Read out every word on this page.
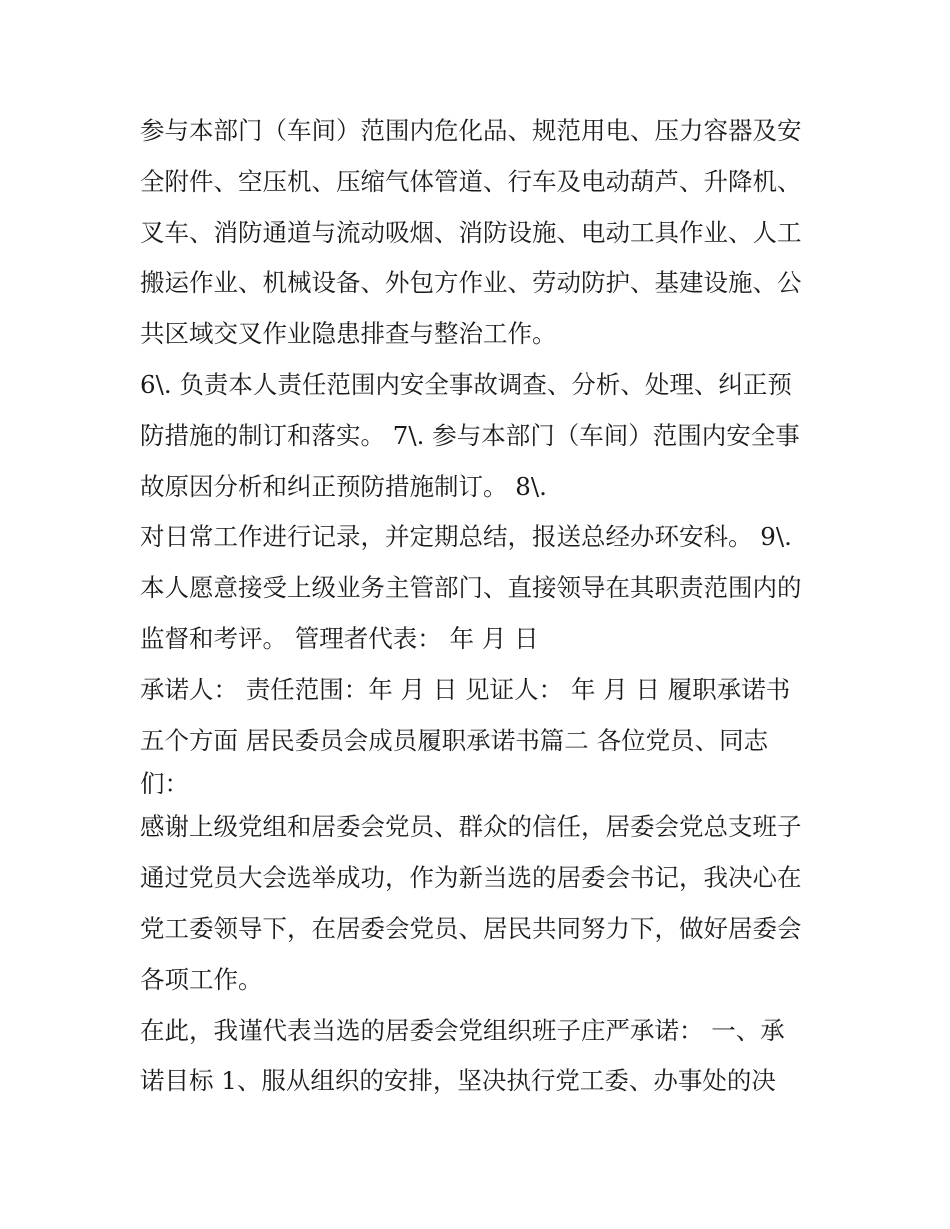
参与本部门（车间）范围内危化品、规范用电、压力容器及安
全附件、空压机、压缩气体管道、行车及电动葫芦、升降机、
叉车、消防通道与流动吸烟、消防设施、电动工具作业、人工
搬运作业、机械设备、外包方作业、劳动防护、基建设施、公
共区域交叉作业隐患排查与整治工作。
6\. 负责本人责任范围内安全事故调查、分析、处理、纠正预
防措施的制订和落实。 7\. 参与本部门（车间）范围内安全事
故原因分析和纠正预防措施制订。 8\.
对日常工作进行记录，并定期总结，报送总经办环安科。 9\.
本人愿意接受上级业务主管部门、直接领导在其职责范围内的
监督和考评。 管理者代表： 年 月 日
承诺人： 责任范围：年 月 日 见证人： 年 月 日 履职承诺书
五个方面 居民委员会成员履职承诺书篇二 各位党员、同志
们：
感谢上级党组和居委会党员、群众的信任，居委会党总支班子
通过党员大会选举成功，作为新当选的居委会书记，我决心在
党工委领导下，在居委会党员、居民共同努力下，做好居委会
各项工作。
在此，我谨代表当选的居委会党组织班子庄严承诺： 一、承
诺目标 1、服从组织的安排，坚决执行党工委、办事处的决
